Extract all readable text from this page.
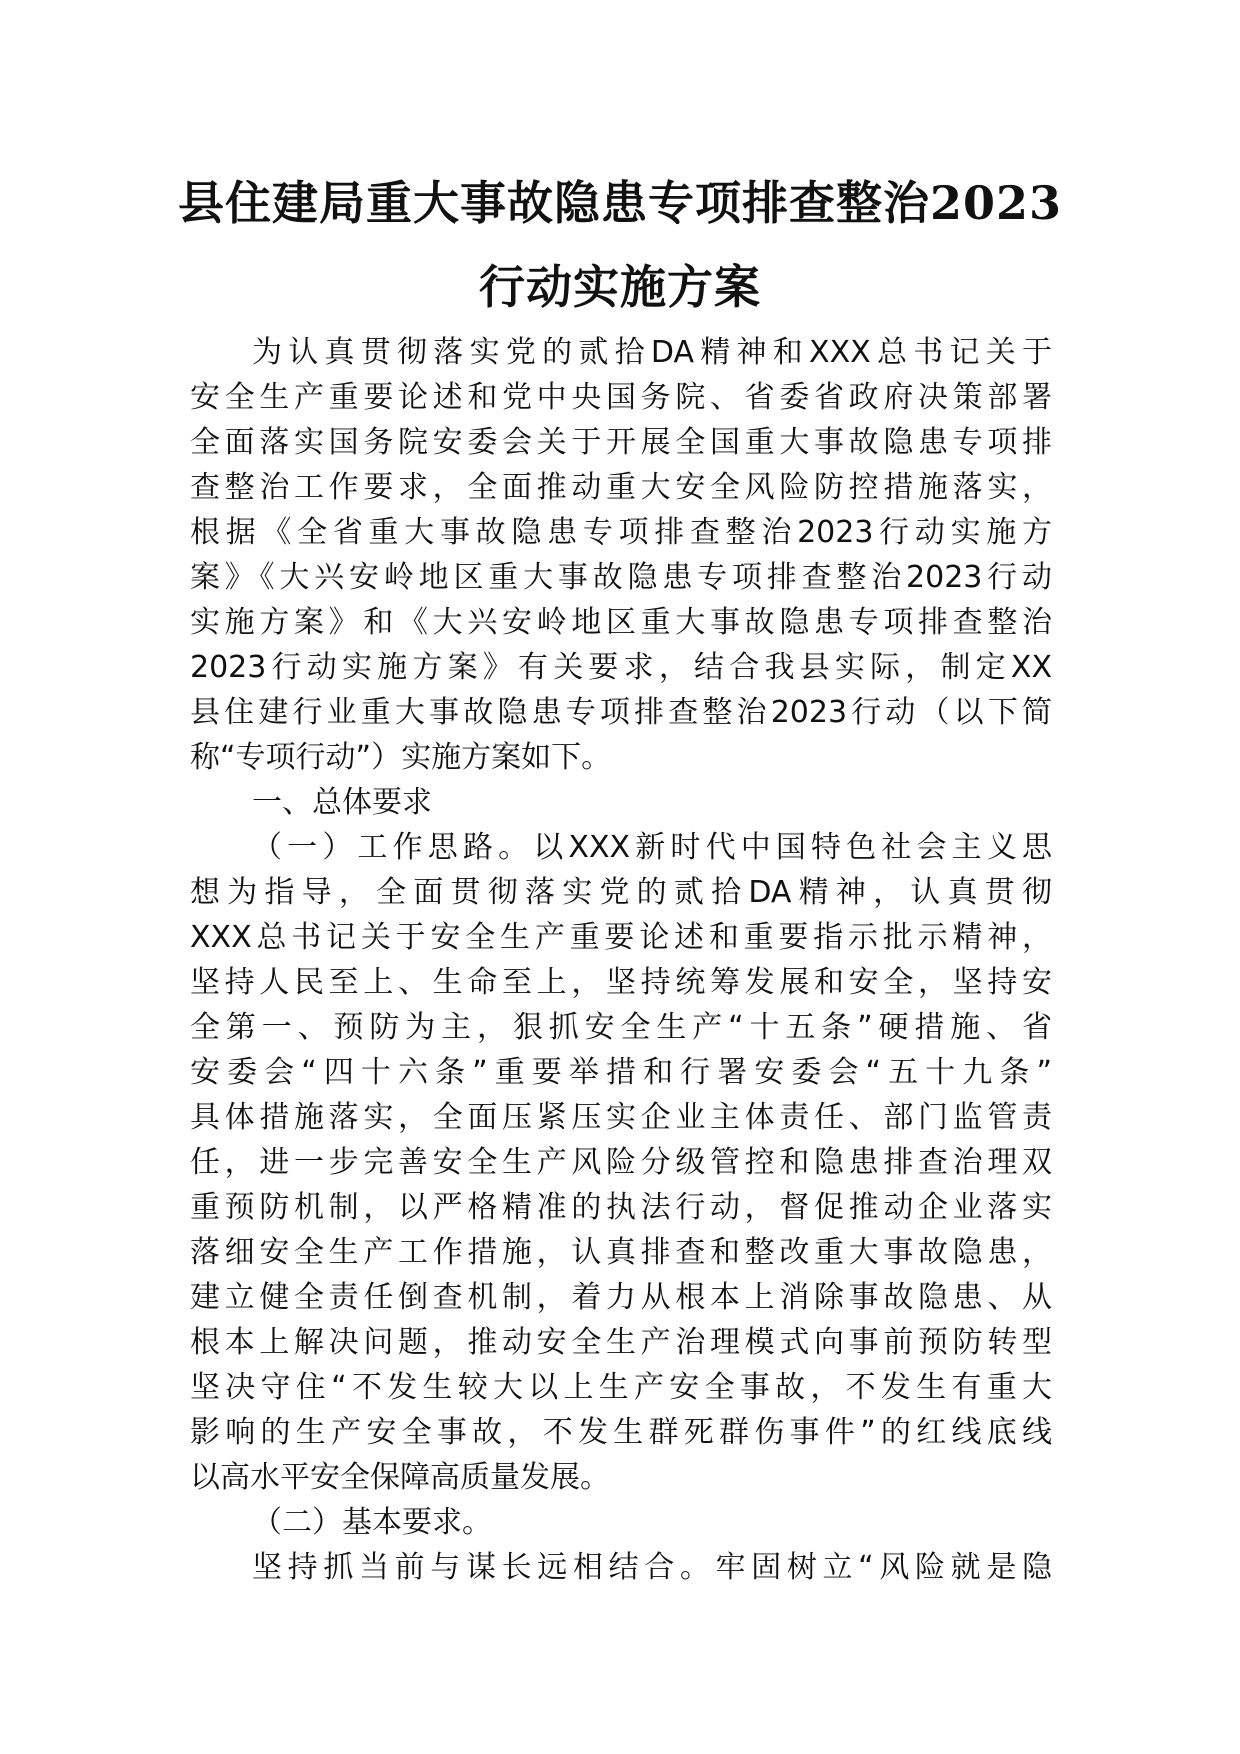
县住建局重大事故隐患专项排查整治2023
行动实施方案
为认真贯彻落实党的贰拾DA精神和XXX总书记关于
安全生产重要论述和党中央国务院、省委省政府决策部署
全面落实国务院安委会关于开展全国重大事故隐患专项排
查整治工作要求，全面推动重大安全风险防控措施落实，
根据《全省重大事故隐患专项排查整治2023行动实施方
案》《大兴安岭地区重大事故隐患专项排查整治2023行动
实施方案》和《大兴安岭地区重大事故隐患专项排查整治
2023行动实施方案》有关要求，结合我县实际，制定XX
县住建行业重大事故隐患专项排查整治2023行动（以下简
称“专项行动”）实施方案如下。
一、总体要求
（一）工作思路。以XXX新时代中国特色社会主义思
想为指导，全面贯彻落实党的贰拾DA精神，认真贯彻
XXX总书记关于安全生产重要论述和重要指示批示精神，
坚持人民至上、生命至上，坚持统筹发展和安全，坚持安
全第一、预防为主，狠抓安全生产“十五条”硬措施、省
安委会“四十六条”重要举措和行署安委会“五十九条”
具体措施落实，全面压紧压实企业主体责任、部门监管责
任，进一步完善安全生产风险分级管控和隐患排查治理双
重预防机制，以严格精准的执法行动，督促推动企业落实
落细安全生产工作措施，认真排查和整改重大事故隐患，
建立健全责任倒查机制，着力从根本上消除事故隐患、从
根本上解决问题，推动安全生产治理模式向事前预防转型
坚决守住“不发生较大以上生产安全事故，不发生有重大
影响的生产安全事故，不发生群死群伤事件”的红线底线
以高水平安全保障高质量发展。
（二）基本要求。
坚持抓当前与谋长远相结合。牢固树立“风险就是隐
